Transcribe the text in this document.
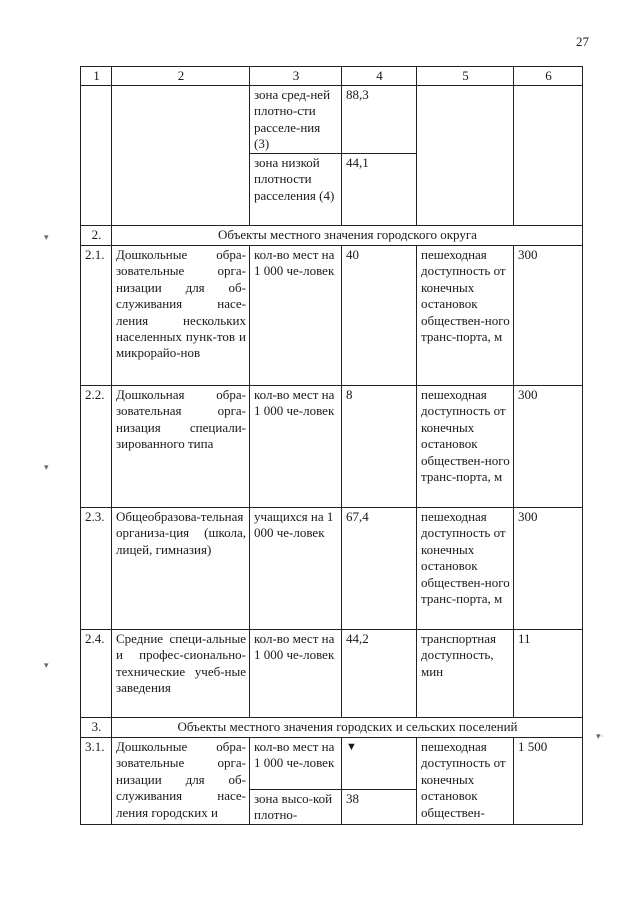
27
▾
▾
▾
▾·
1	2	3	4	5	6
		зона сред-ней плотно-сти расселе-ния (3)	88,3		
		зона низкой плотности расселения (4)	44,1		
2.	Объекты местного значения городского округа				
2.1.	Дошкольные обра-зовательные орга-низации для об-служивания насе-ления нескольких населенных пунк-тов и микрорайо-нов	кол-во мест на 1 000 че-ловек	40	пешеходная доступность от конечных остановок обществен-ного транс-порта, м	300
2.2.	Дошкольная обра-зовательная орга-низация специали-зированного типа	кол-во мест на 1 000 че-ловек	8	пешеходная доступность от конечных остановок обществен-ного транс-порта, м	300
2.3.	Общеобразова-тельная организа-ция (школа, лицей, гимназия)	учащихся на 1 000 че-ловек	67,4	пешеходная доступность от конечных остановок обществен-ного транс-порта, м	300
2.4.	Средние специ-альные и профес-сионально-технические учеб-ные заведения	кол-во мест на 1 000 че-ловек	44,2	транспортная доступность, мин	11
3.	Объекты местного значения городских и сельских поселений				
3.1.	Дошкольные обра-зовательные орга-низации для об-служивания насе-ления городских и	кол-во мест на 1 000 че-ловек	▼	пешеходная доступность от конечных остановок обществен-	1 500
		зона высо-кой плотно-	38		
